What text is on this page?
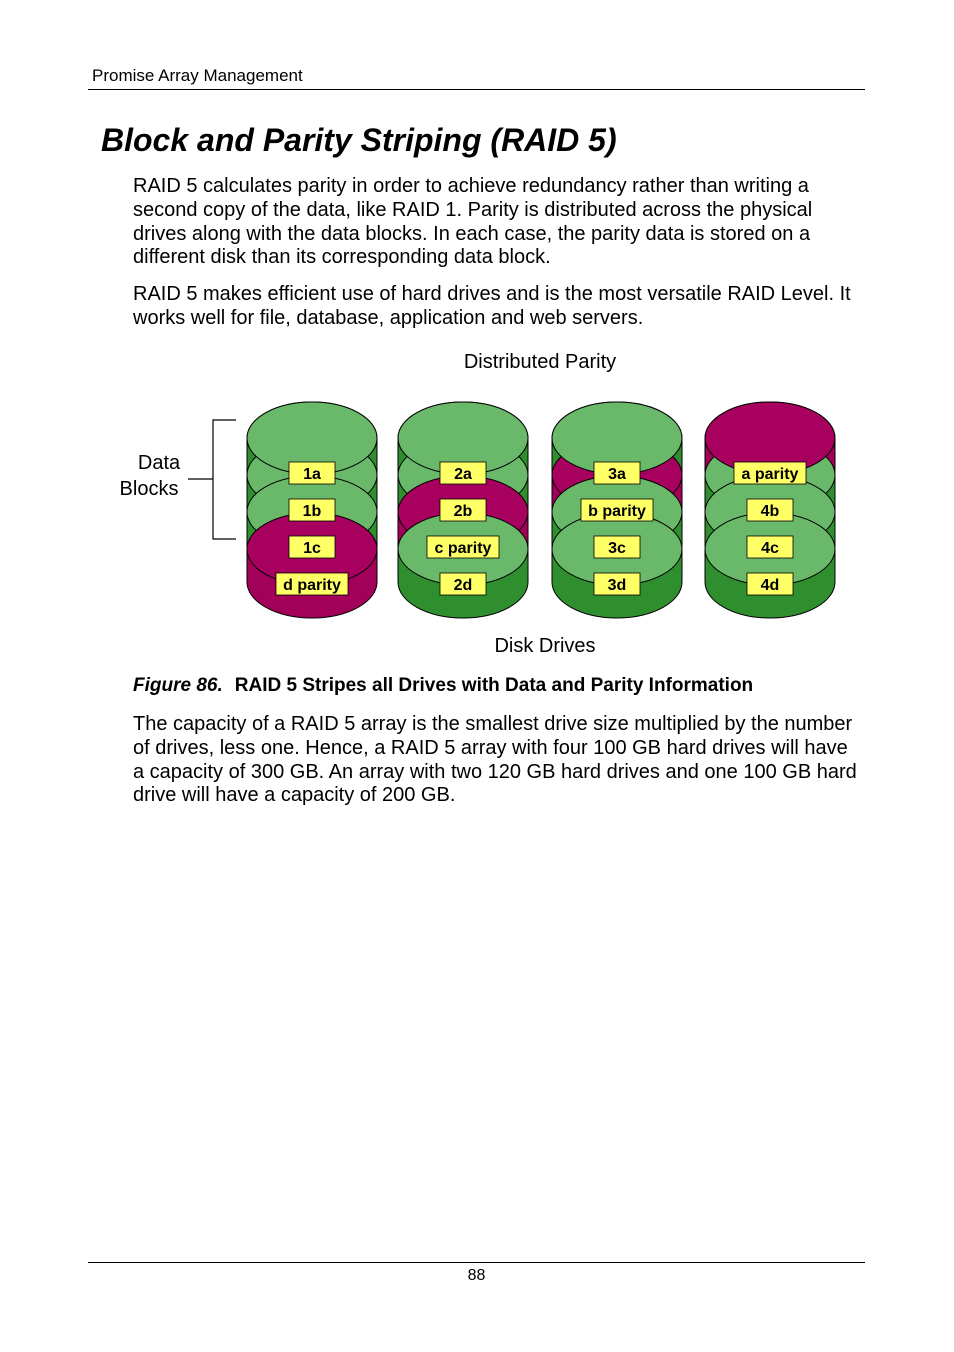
Promise Array Management
Block and Parity Striping (RAID 5)

RAID 5 calculates parity in order to achieve redundancy rather than writing a second copy of the data, like RAID 1. Parity is distributed across the physical drives along with the data blocks. In each case, the parity data is stored on a different disk than its corresponding data block.

RAID 5 makes efficient use of hard drives and is the most versatile RAID Level. It works well for file, database, application and web servers.

Distributed Parity
Disk Drives
Data
Blocks
1a
1b
1c
d parity
2a
2b
c parity
2d
3a
b parity
3c
3d
a parity
4b
4c
4d

Figure 86. RAID 5 Stripes all Drives with Data and Parity Information

The capacity of a RAID 5 array is the smallest drive size multiplied by the number of drives, less one. Hence, a RAID 5 array with four 100 GB hard drives will have a capacity of 300 GB. An array with two 120 GB hard drives and one 100 GB hard drive will have a capacity of 200 GB.

88
